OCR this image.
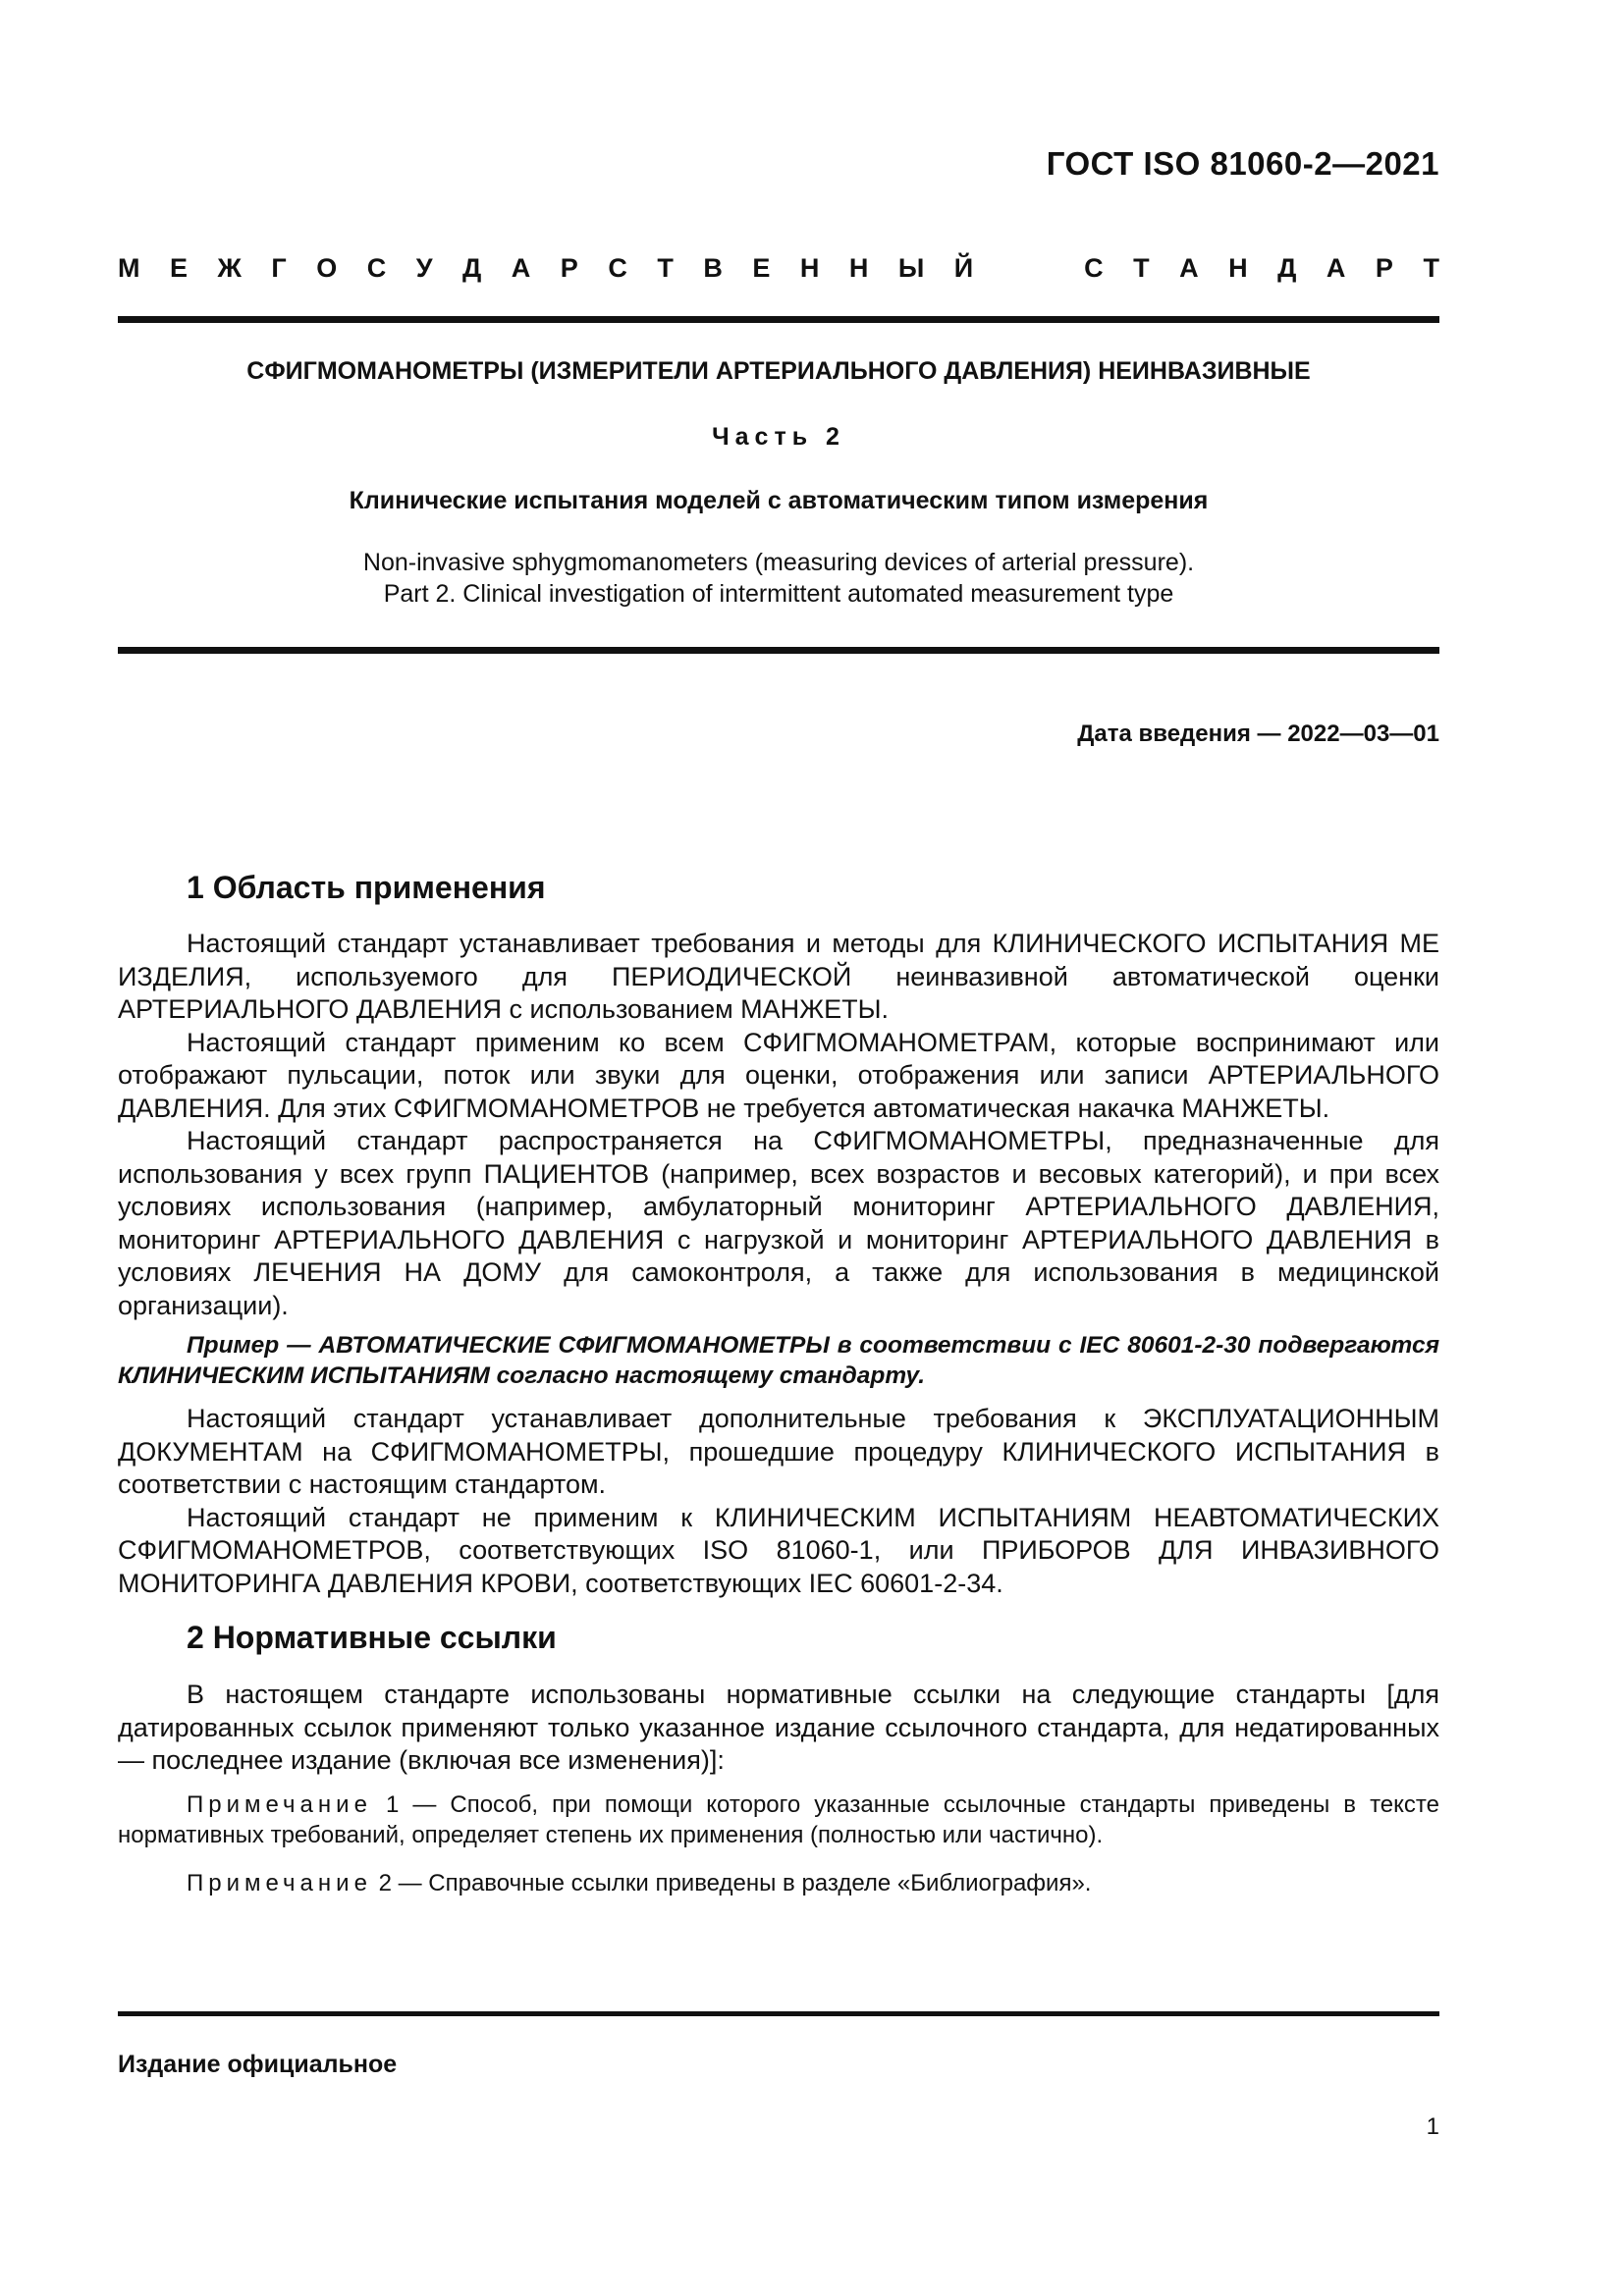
ГОСТ ISO 81060-2—2021
М Е Ж Г О С У Д А Р С Т В Е Н Н Ы Й	С Т А Н Д А Р Т
СФИГМОМАНОМЕТРЫ (ИЗМЕРИТЕЛИ АРТЕРИАЛЬНОГО ДАВЛЕНИЯ) НЕИНВАЗИВНЫЕ
Часть 2
Клинические испытания моделей с автоматическим типом измерения
Non-invasive sphygmomanometers (measuring devices of arterial pressure).
Part 2. Clinical investigation of intermittent automated measurement type
Дата введения — 2022—03—01
1 Область применения

Настоящий стандарт устанавливает требования и методы для КЛИНИЧЕСКОГО ИСПЫТАНИЯ МЕ ИЗДЕЛИЯ, используемого для ПЕРИОДИЧЕСКОЙ неинвазивной автоматической оценки АРТЕРИАЛЬНОГО ДАВЛЕНИЯ с использованием МАНЖЕТЫ.

Настоящий стандарт применим ко всем СФИГМОМАНОМЕТРАМ, которые воспринимают или отображают пульсации, поток или звуки для оценки, отображения или записи АРТЕРИАЛЬНОГО ДАВЛЕНИЯ. Для этих СФИГМОМАНОМЕТРОВ не требуется автоматическая накачка МАНЖЕТЫ.

Настоящий стандарт распространяется на СФИГМОМАНОМЕТРЫ, предназначенные для использования у всех групп ПАЦИЕНТОВ (например, всех возрастов и весовых категорий), и при всех условиях использования (например, амбулаторный мониторинг АРТЕРИАЛЬНОГО ДАВЛЕНИЯ, мониторинг АРТЕРИАЛЬНОГО ДАВЛЕНИЯ с нагрузкой и мониторинг АРТЕРИАЛЬНОГО ДАВЛЕНИЯ в условиях ЛЕЧЕНИЯ НА ДОМУ для самоконтроля, а также для использования в медицинской организации).

Пример — АВТОМАТИЧЕСКИЕ СФИГМОМАНОМЕТРЫ в соответствии с IEC 80601-2-30 подвергаются КЛИНИЧЕСКИМ ИСПЫТАНИЯМ согласно настоящему стандарту.

Настоящий стандарт устанавливает дополнительные требования к ЭКСПЛУАТАЦИОННЫМ ДОКУМЕНТАМ на СФИГМОМАНОМЕТРЫ, прошедшие процедуру КЛИНИЧЕСКОГО ИСПЫТАНИЯ в соответствии с настоящим стандартом.

Настоящий стандарт не применим к КЛИНИЧЕСКИМ ИСПЫТАНИЯМ НЕАВТОМАТИЧЕСКИХ СФИГМОМАНОМЕТРОВ, соответствующих ISO 81060-1, или ПРИБОРОВ ДЛЯ ИНВАЗИВНОГО МОНИТОРИНГА ДАВЛЕНИЯ КРОВИ, соответствующих IEC 60601-2-34.

2 Нормативные ссылки

В настоящем стандарте использованы нормативные ссылки на следующие стандарты [для датированных ссылок применяют только указанное издание ссылочного стандарта, для недатированных — последнее издание (включая все изменения)]:

Примечание 1 — Способ, при помощи которого указанные ссылочные стандарты приведены в тексте нормативных требований, определяет степень их применения (полностью или частично).

Примечание 2 — Справочные ссылки приведены в разделе «Библиография».

Издание официальное
1
